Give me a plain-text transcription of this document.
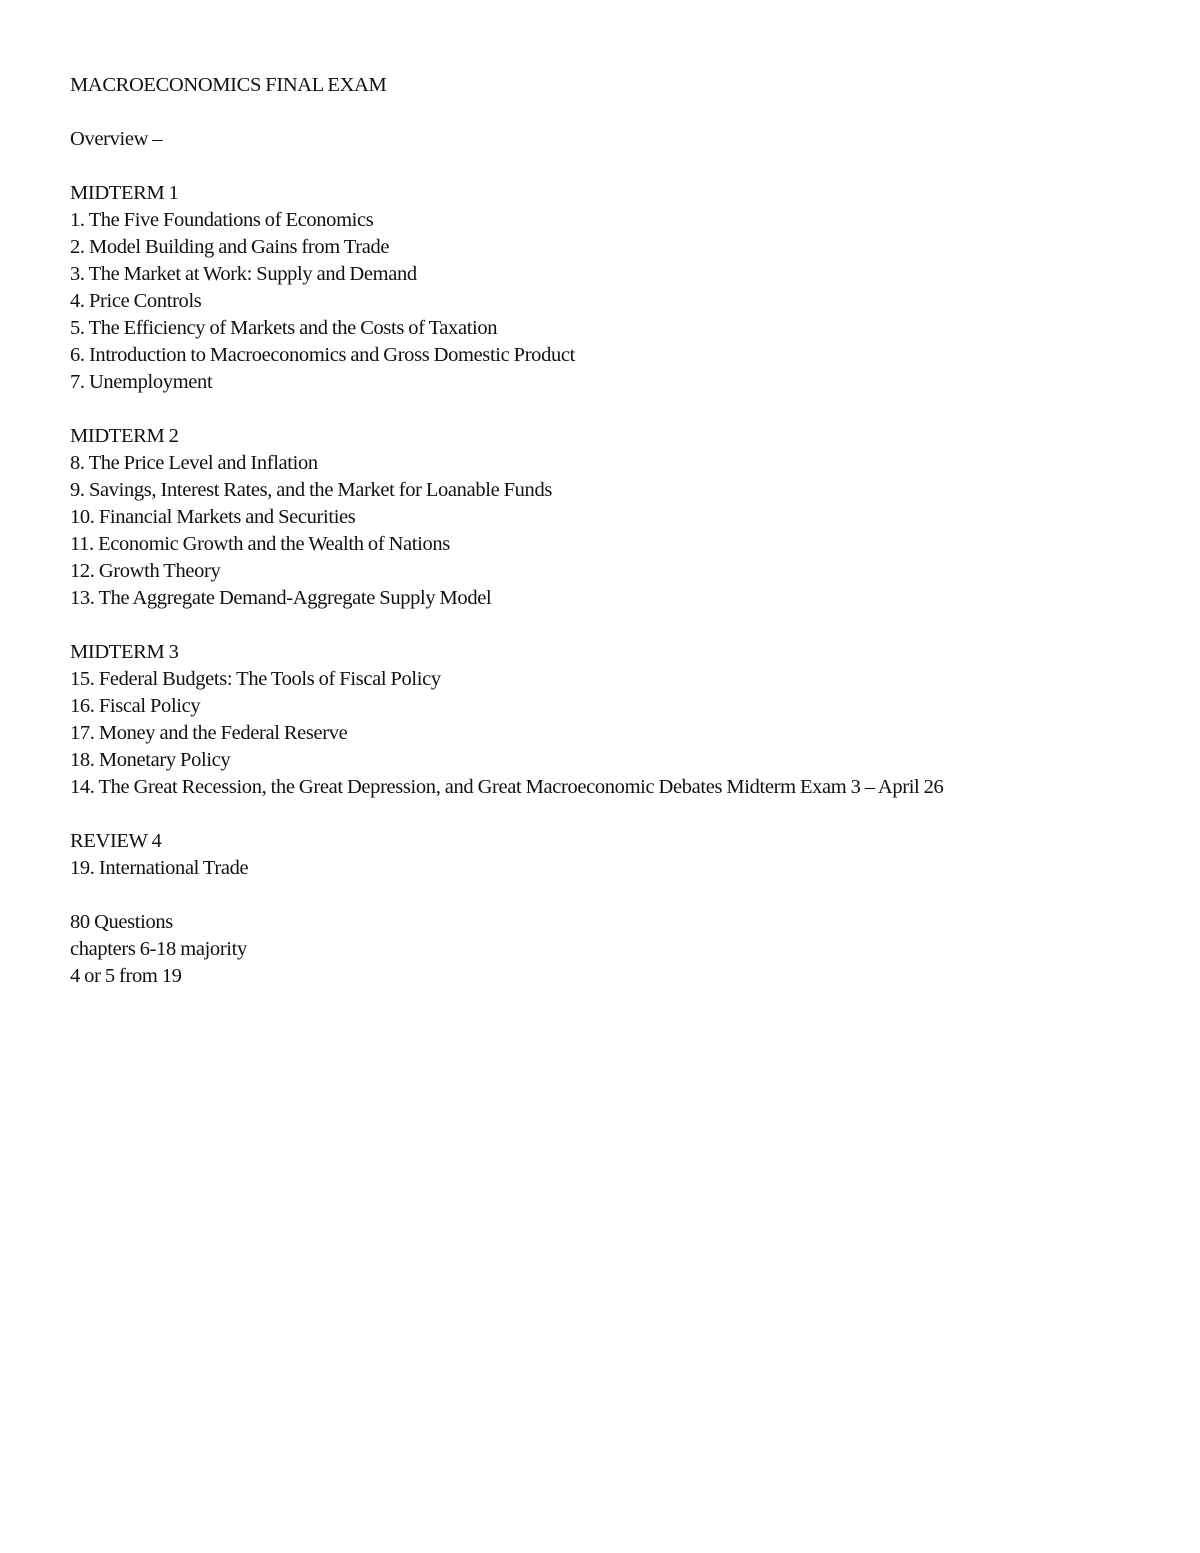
MACROECONOMICS FINAL EXAM
Overview –
MIDTERM 1
1. The Five Foundations of Economics
2. Model Building and Gains from Trade
3. The Market at Work: Supply and Demand
4. Price Controls
5. The Efficiency of Markets and the Costs of Taxation
6. Introduction to Macroeconomics and Gross Domestic Product
7. Unemployment
MIDTERM 2
8. The Price Level and Inflation
9. Savings, Interest Rates, and the Market for Loanable Funds
10. Financial Markets and Securities
11. Economic Growth and the Wealth of Nations
12. Growth Theory
13. The Aggregate Demand-Aggregate Supply Model
MIDTERM 3
15. Federal Budgets: The Tools of Fiscal Policy
16. Fiscal Policy
17. Money and the Federal Reserve
18. Monetary Policy
14. The Great Recession, the Great Depression, and Great Macroeconomic Debates Midterm Exam 3 – April 26
REVIEW 4
19. International Trade
80 Questions
chapters 6-18 majority
4 or 5 from 19
